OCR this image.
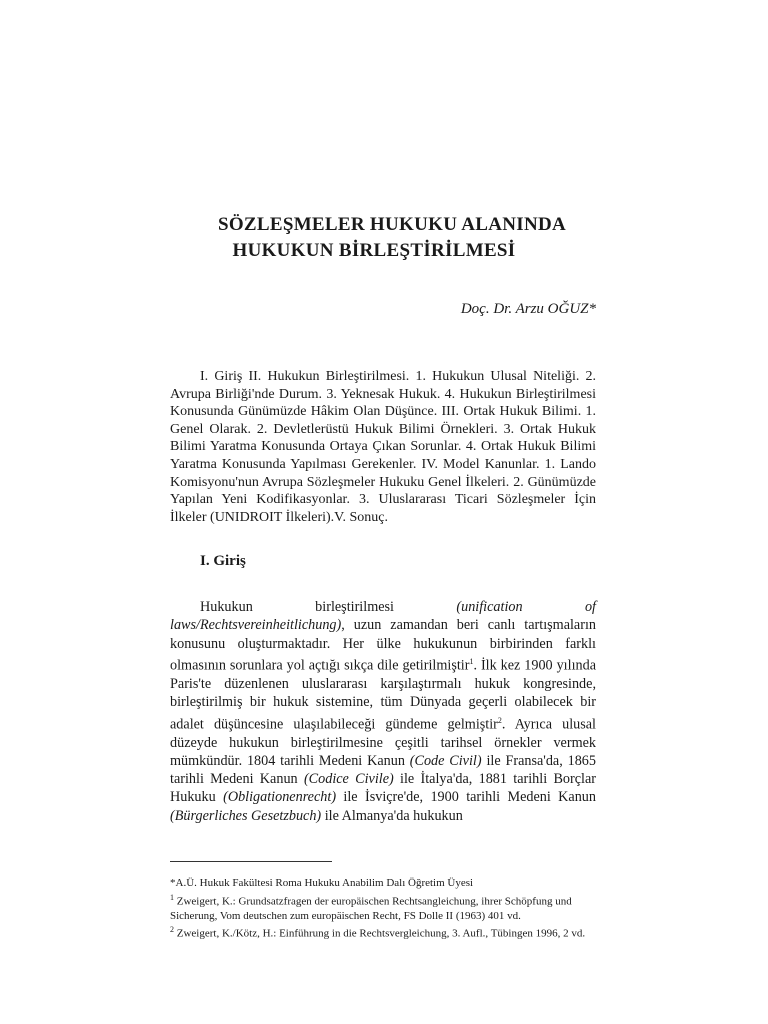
SÖZLEŞMELER HUKUKU ALANINDA
HUKUKUN BİRLEŞTİRİLMESİ
Doç. Dr. Arzu OĞUZ*
I. Giriş II. Hukukun Birleştirilmesi. 1. Hukukun Ulusal Niteliği. 2. Avrupa Birliği'nde Durum. 3. Yeknesak Hukuk. 4. Hukukun Birleştirilmesi Konusunda Günümüzde Hâkim Olan Düşünce. III. Ortak Hukuk Bilimi. 1. Genel Olarak. 2. Devletlerüstü Hukuk Bilimi Örnekleri. 3. Ortak Hukuk Bilimi Yaratma Konusunda Ortaya Çıkan Sorunlar. 4. Ortak Hukuk Bilimi Yaratma Konusunda Yapılması Gerekenler. IV. Model Kanunlar. 1. Lando Komisyonu'nun Avrupa Sözleşmeler Hukuku Genel İlkeleri. 2. Günümüzde Yapılan Yeni Kodifikasyonlar. 3. Uluslararası Ticari Sözleşmeler İçin İlkeler (UNIDROIT İlkeleri).V. Sonuç.
I. Giriş
Hukukun birleştirilmesi (unification of laws/Rechtsvereinheitlichung), uzun zamandan beri canlı tartışmaların konusunu oluşturmaktadır. Her ülke hukukunun birbirinden farklı olmasının sorunlara yol açtığı sıkça dile getirilmiştir$^1$. İlk kez 1900 yılında Paris'te düzenlenen uluslararası karşılaştırmalı hukuk kongresinde, birleştirilmiş bir hukuk sistemine, tüm Dünyada geçerli olabilecek bir adalet düşüncesine ulaşılabileceği gündeme gelmiştir$^2$. Ayrıca ulusal düzeyde hukukun birleştirilmesine çeşitli tarihsel örnekler vermek mümkündür. 1804 tarihli Medeni Kanun (Code Civil) ile Fransa'da, 1865 tarihli Medeni Kanun (Codice Civile) ile İtalya'da, 1881 tarihli Borçlar Hukuku (Obligationenrecht) ile İsviçre'de, 1900 tarihli Medeni Kanun (Bürgerliches Gesetzbuch) ile Almanya'da hukukun

*A.Ü. Hukuk Fakültesi Roma Hukuku Anabilim Dalı Öğretim Üyesi

$^1$ Zweigert, K.: Grundsatzfragen der europäischen Rechtsangleichung, ihrer Schöpfung und Sicherung, Vom deutschen zum europäischen Recht, FS Dolle II (1963) 401 vd.

$^2$ Zweigert, K./Kötz, H.: Einführung in die Rechtsvergleichung, 3. Aufl., Tübingen 1996, 2 vd.
